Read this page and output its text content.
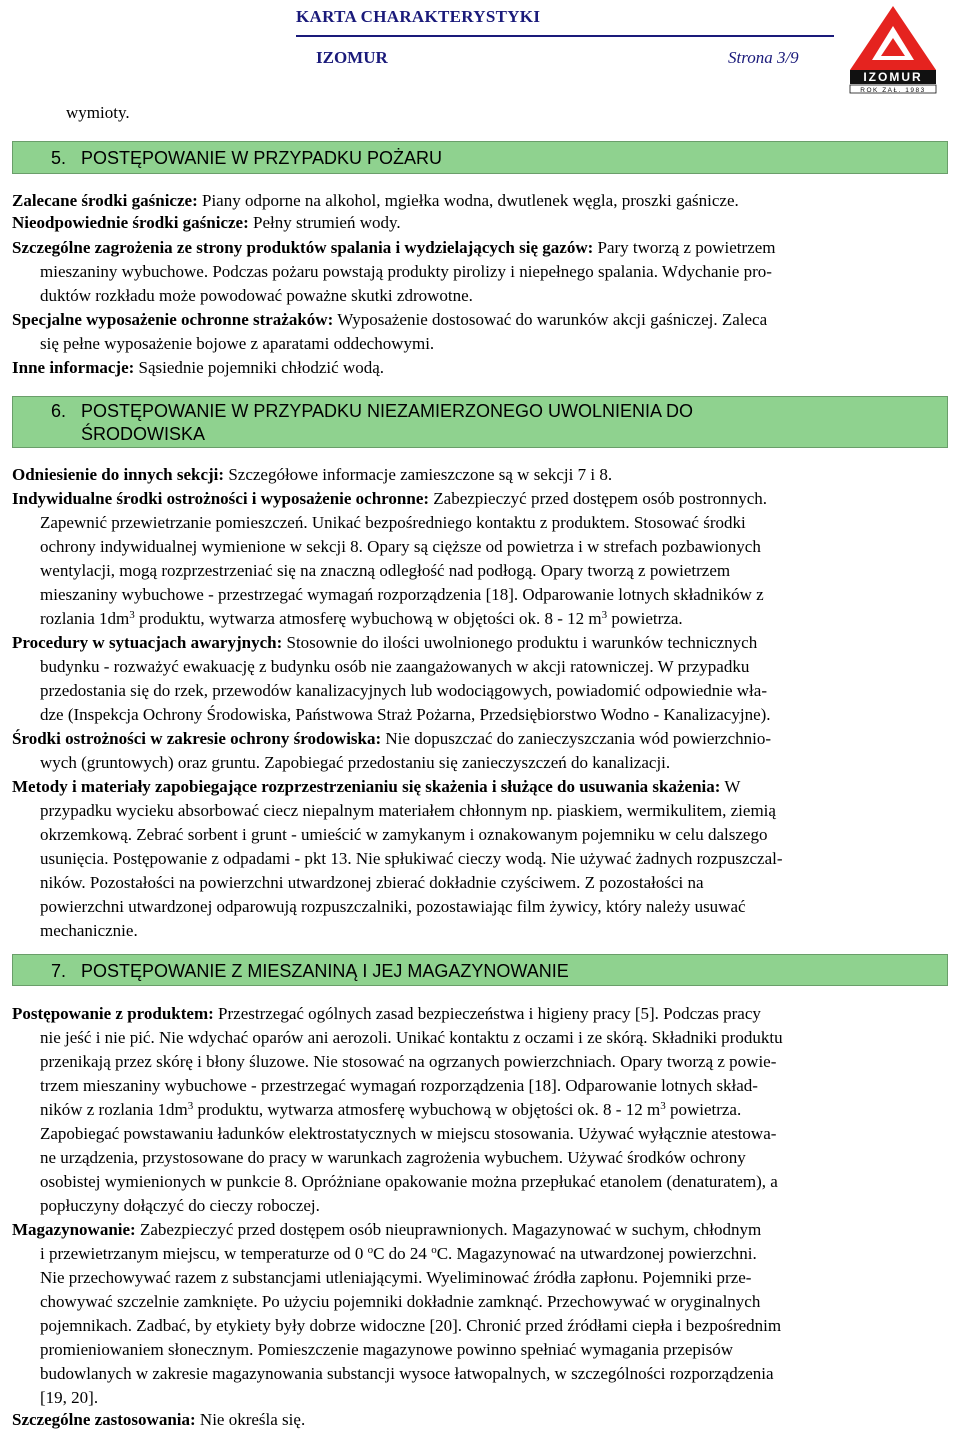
KARTA CHARAKTERYSTYKI
IZOMUR	Strona 3/9
IZOMUR
ROK ZAŁ. 1983
wymioty.
5. POSTĘPOWANIE W PRZYPADKU POŻARU
Zalecane środki gaśnicze: Piany odporne na alkohol, mgiełka wodna, dwutlenek węgla, proszki gaśnicze.
Nieodpowiednie środki gaśnicze: Pełny strumień wody.
Szczególne zagrożenia ze strony produktów spalania i wydzielających się gazów: Pary tworzą z powietrzem
mieszaniny wybuchowe. Podczas pożaru powstają produkty pirolizy i niepełnego spalania. Wdychanie pro-
duktów rozkładu może powodować poważne skutki zdrowotne.
Specjalne wyposażenie ochronne strażaków: Wyposażenie dostosować do warunków akcji gaśniczej. Zaleca
się pełne wyposażenie bojowe z aparatami oddechowymi.
Inne informacje: Sąsiednie pojemniki chłodzić wodą.
6. POSTĘPOWANIE W PRZYPADKU NIEZAMIERZONEGO UWOLNIENIA DO
ŚRODOWISKA
Odniesienie do innych sekcji: Szczegółowe informacje zamieszczone są w sekcji 7 i 8.
Indywidualne środki ostrożności i wyposażenie ochronne: Zabezpieczyć przed dostępem osób postronnych.
Zapewnić przewietrzanie pomieszczeń. Unikać bezpośredniego kontaktu z produktem. Stosować środki
ochrony indywidualnej wymienione w sekcji 8. Opary są cięższe od powietrza i w strefach pozbawionych
wentylacji, mogą rozprzestrzeniać się na znaczną odległość nad podłogą. Opary tworzą z powietrzem
mieszaniny wybuchowe - przestrzegać wymagań rozporządzenia [18]. Odparowanie lotnych składników z
rozlania $1dm^3$ produktu, wytwarza atmosferę wybuchową w objętości ok. 8 - 12 $m^3$ powietrza.
Procedury w sytuacjach awaryjnych: Stosownie do ilości uwolnionego produktu i warunków technicznych
budynku - rozważyć ewakuację z budynku osób nie zaangażowanych w akcji ratowniczej. W przypadku
przedostania się do rzek, przewodów kanalizacyjnych lub wodociągowych, powiadomić odpowiednie wła-
dze (Inspekcja Ochrony Środowiska, Państwowa Straż Pożarna, Przedsiębiorstwo Wodno - Kanalizacyjne).
Środki ostrożności w zakresie ochrony środowiska: Nie dopuszczać do zanieczyszczania wód powierzchnio-
wych (gruntowych) oraz gruntu. Zapobiegać przedostaniu się zanieczyszczeń do kanalizacji.
Metody i materiały zapobiegające rozprzestrzenianiu się skażenia i służące do usuwania skażenia: W
przypadku wycieku absorbować ciecz niepalnym materiałem chłonnym np. piaskiem, wermikulitem, ziemią
okrzemkową. Zebrać sorbent i grunt - umieścić w zamykanym i oznakowanym pojemniku w celu dalszego
usunięcia. Postępowanie z odpadami - pkt 13. Nie spłukiwać cieczy wodą. Nie używać żadnych rozpuszczal-
ników. Pozostałości na powierzchni utwardzonej zbierać dokładnie czyściwem. Z pozostałości na
powierzchni utwardzonej odparowują rozpuszczalniki, pozostawiając film żywicy, który należy usuwać
mechanicznie.
7. POSTĘPOWANIE Z MIESZANINĄ I JEJ MAGAZYNOWANIE
Postępowanie z produktem: Przestrzegać ogólnych zasad bezpieczeństwa i higieny pracy [5]. Podczas pracy
nie jeść i nie pić. Nie wdychać oparów ani aerozoli. Unikać kontaktu z oczami i ze skórą. Składniki produktu
przenikają przez skórę i błony śluzowe. Nie stosować na ogrzanych powierzchniach. Opary tworzą z powie-
trzem mieszaniny wybuchowe - przestrzegać wymagań rozporządzenia [18]. Odparowanie lotnych skład-
ników z rozlania $1dm^3$ produktu, wytwarza atmosferę wybuchową w objętości ok. 8 - 12 $m^3$ powietrza.
Zapobiegać powstawaniu ładunków elektrostatycznych w miejscu stosowania. Używać wyłącznie atestowa-
ne urządzenia, przystosowane do pracy w warunkach zagrożenia wybuchem. Używać środków ochrony
osobistej wymienionych w punkcie 8. Opróżniane opakowanie można przepłukać etanolem (denaturatem), a
popłuczyny dołączyć do cieczy roboczej.
Magazynowanie: Zabezpieczyć przed dostępem osób nieuprawnionych. Magazynować w suchym, chłodnym
i przewietrzanym miejscu, w temperaturze od 0 $^o$C do 24 $^o$C. Magazynować na utwardzonej powierzchni.
Nie przechowywać razem z substancjami utleniającymi. Wyeliminować źródła zapłonu. Pojemniki prze-
chowywać szczelnie zamknięte. Po użyciu pojemniki dokładnie zamknąć. Przechowywać w oryginalnych
pojemnikach. Zadbać, by etykiety były dobrze widoczne [20]. Chronić przed źródłami ciepła i bezpośrednim
promieniowaniem słonecznym. Pomieszczenie magazynowe powinno spełniać wymagania przepisów
budowlanych w zakresie magazynowania substancji wysoce łatwopalnych, w szczególności rozporządzenia
[19, 20].
Szczególne zastosowania: Nie określa się.
